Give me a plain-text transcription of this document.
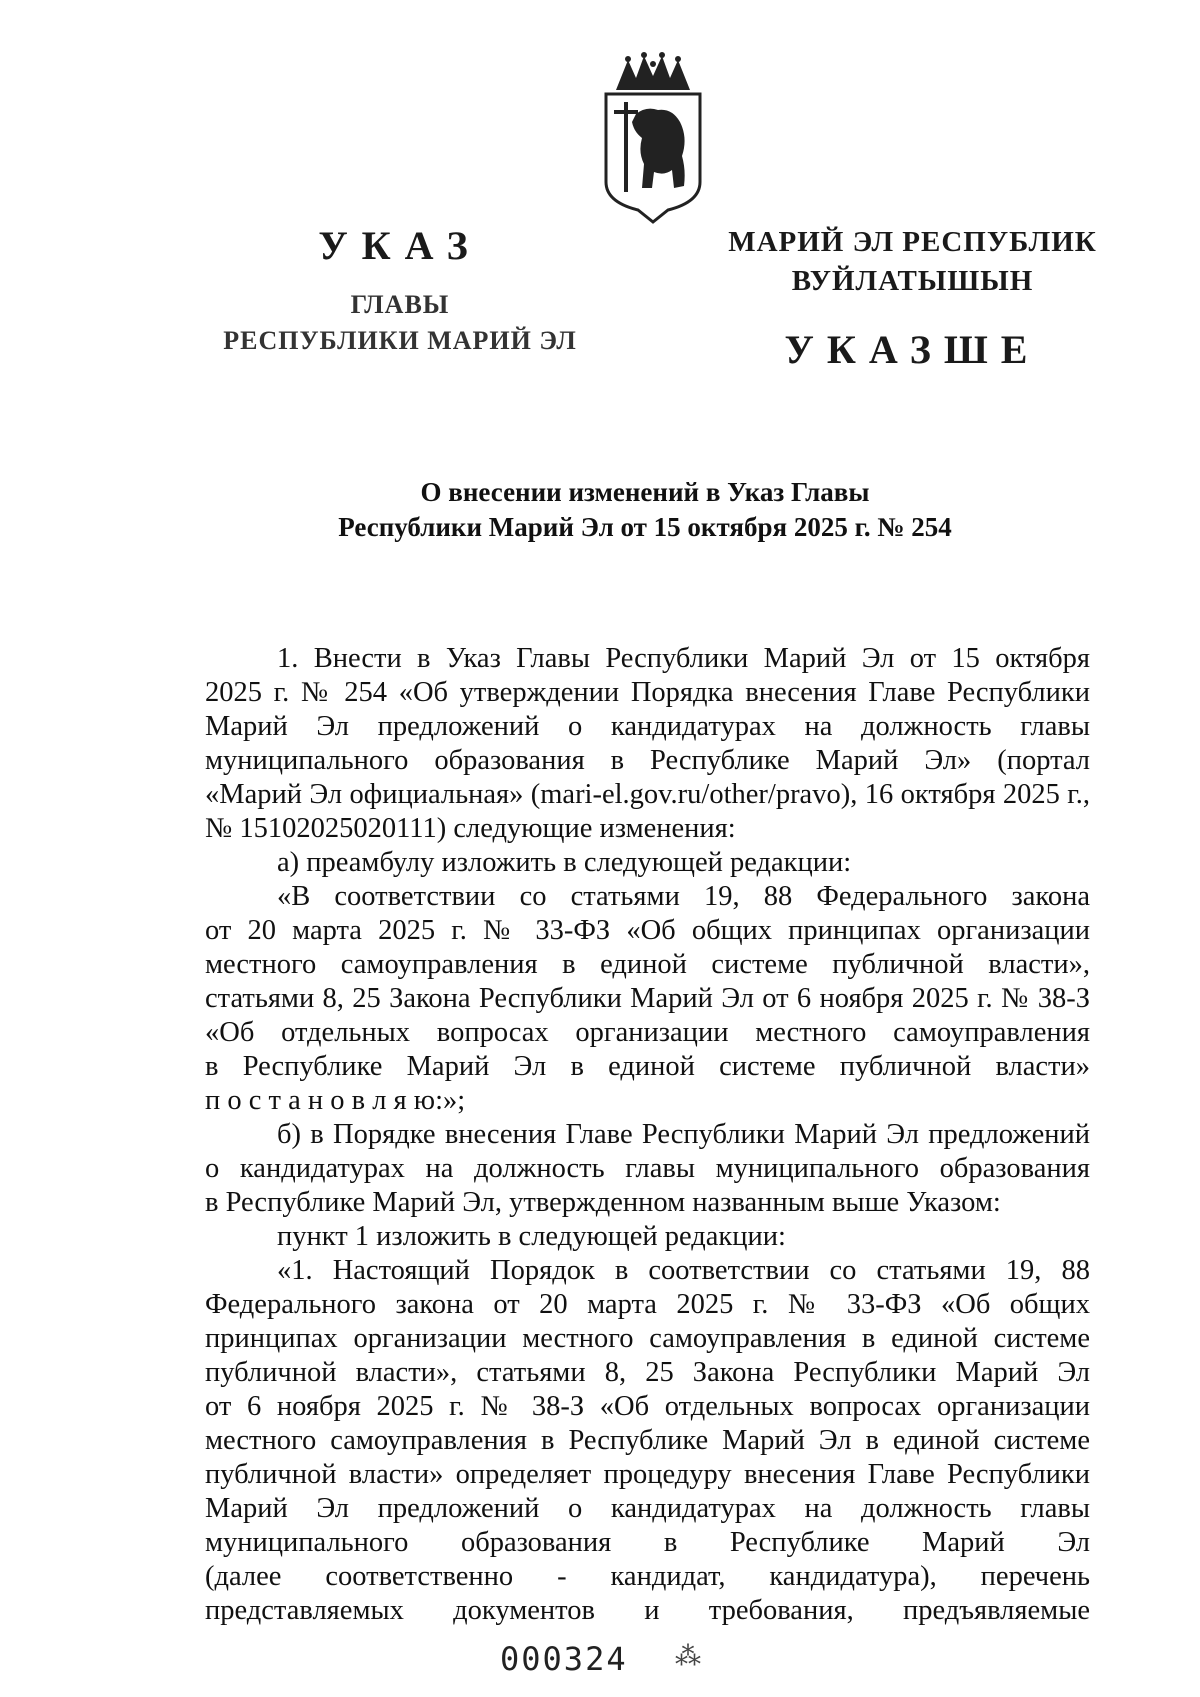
УКАЗ
ГЛАВЫ
РЕСПУБЛИКИ МАРИЙ ЭЛ
МАРИЙ ЭЛ РЕСПУБЛИК
ВУЙЛАТЫШЫН
УКАЗШЕ
О внесении изменений в Указ Главы
Республики Марий Эл от 15 октября 2025 г. № 254
1. Внести в Указ Главы Республики Марий Эл от 15 октября
2025 г. № 254 «Об утверждении Порядка внесения Главе Республики
Марий Эл предложений о кандидатурах на должность главы
муниципального образования в Республике Марий Эл» (портал
«Марий Эл официальная» (mari-el.gov.ru/other/pravo), 16 октября 2025 г.,
№ 15102025020111) следующие изменения:
а) преамбулу изложить в следующей редакции:
«В соответствии со статьями 19, 88 Федерального закона
от 20 марта 2025 г. № 33-ФЗ «Об общих принципах организации
местного самоуправления в единой системе публичной власти»,
статьями 8, 25 Закона Республики Марий Эл от 6 ноября 2025 г. № 38-З
«Об отдельных вопросах организации местного самоуправления
в Республике Марий Эл в единой системе публичной власти»
п о с т а н о в л я ю:»;
б) в Порядке внесения Главе Республики Марий Эл предложений
о кандидатурах на должность главы муниципального образования
в Республике Марий Эл, утвержденном названным выше Указом:
пункт 1 изложить в следующей редакции:
«1. Настоящий Порядок в соответствии со статьями 19, 88
Федерального закона от 20 марта 2025 г. № 33-ФЗ «Об общих
принципах организации местного самоуправления в единой системе
публичной власти», статьями 8, 25 Закона Республики Марий Эл
от 6 ноября 2025 г. № 38-З «Об отдельных вопросах организации
местного самоуправления в Республике Марий Эл в единой системе
публичной власти» определяет процедуру внесения Главе Республики
Марий Эл предложений о кандидатурах на должность главы
муниципального образования в Республике Марий Эл
(далее соответственно - кандидат, кандидатура), перечень
представляемых документов и требования, предъявляемые
000324 ⁂
